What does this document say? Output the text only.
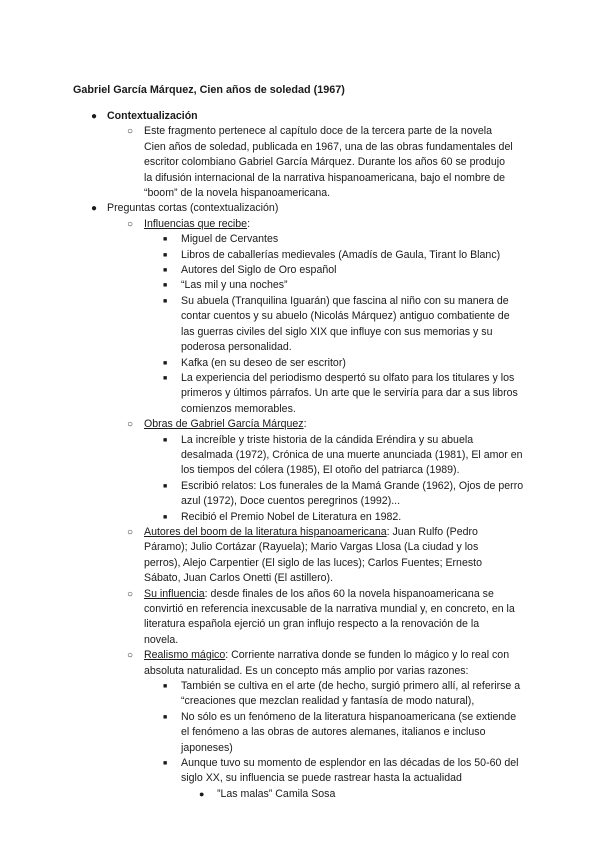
Gabriel García Márquez, Cien años de soledad (1967)

● Contextualización
○ Este fragmento pertenece al capítulo doce de la tercera parte de la novela Cien años de soledad, publicada en 1967, una de las obras fundamentales del escritor colombiano Gabriel García Márquez. Durante los años 60 se produjo la difusión internacional de la narrativa hispanoamericana, bajo el nombre de “boom” de la novela hispanoamericana.
● Preguntas cortas (contextualización)
○ Influencias que recibe:
■ Miguel de Cervantes
■ Libros de caballerías medievales (Amadís de Gaula, Tirant lo Blanc)
■ Autores del Siglo de Oro español
■ “Las mil y una noches”
■ Su abuela (Tranquilina Iguarán) que fascina al niño con su manera de contar cuentos y su abuelo (Nicolás Márquez) antiguo combatiente de las guerras civiles del siglo XIX que influye con sus memorias y su poderosa personalidad.
■ Kafka (en su deseo de ser escritor)
■ La experiencia del periodismo despertó su olfato para los titulares y los primeros y últimos párrafos. Un arte que le serviría para dar a sus libros comienzos memorables.
○ Obras de Gabriel García Márquez:
■ La increíble y triste historia de la cándida Eréndira y su abuela desalmada (1972), Crónica de una muerte anunciada (1981), El amor en los tiempos del cólera (1985), El otoño del patriarca (1989).
■ Escribió relatos: Los funerales de la Mamá Grande (1962), Ojos de perro azul (1972), Doce cuentos peregrinos (1992)...
■ Recibió el Premio Nobel de Literatura en 1982.
○ Autores del boom de la literatura hispanoamericana: Juan Rulfo (Pedro Páramo); Julio Cortázar (Rayuela); Mario Vargas Llosa (La ciudad y los perros), Alejo Carpentier (El siglo de las luces); Carlos Fuentes; Ernesto Sábato, Juan Carlos Onetti (El astillero).
○ Su influencia: desde finales de los años 60 la novela hispanoamericana se convirtió en referencia inexcusable de la narrativa mundial y, en concreto, en la literatura española ejerció un gran influjo respecto a la renovación de la novela.
○ Realismo mágico: Corriente narrativa donde se funden lo mágico y lo real con absoluta naturalidad. Es un concepto más amplio por varias razones:
■ También se cultiva en el arte (de hecho, surgió primero allí, al referirse a “creaciones que mezclan realidad y fantasía de modo natural),
■ No sólo es un fenómeno de la literatura hispanoamericana (se extiende el fenómeno a las obras de autores alemanes, italianos e incluso japoneses)
■ Aunque tuvo su momento de esplendor en las décadas de los 50-60 del siglo XX, su influencia se puede rastrear hasta la actualidad
● ”Las malas” Camila Sosa
